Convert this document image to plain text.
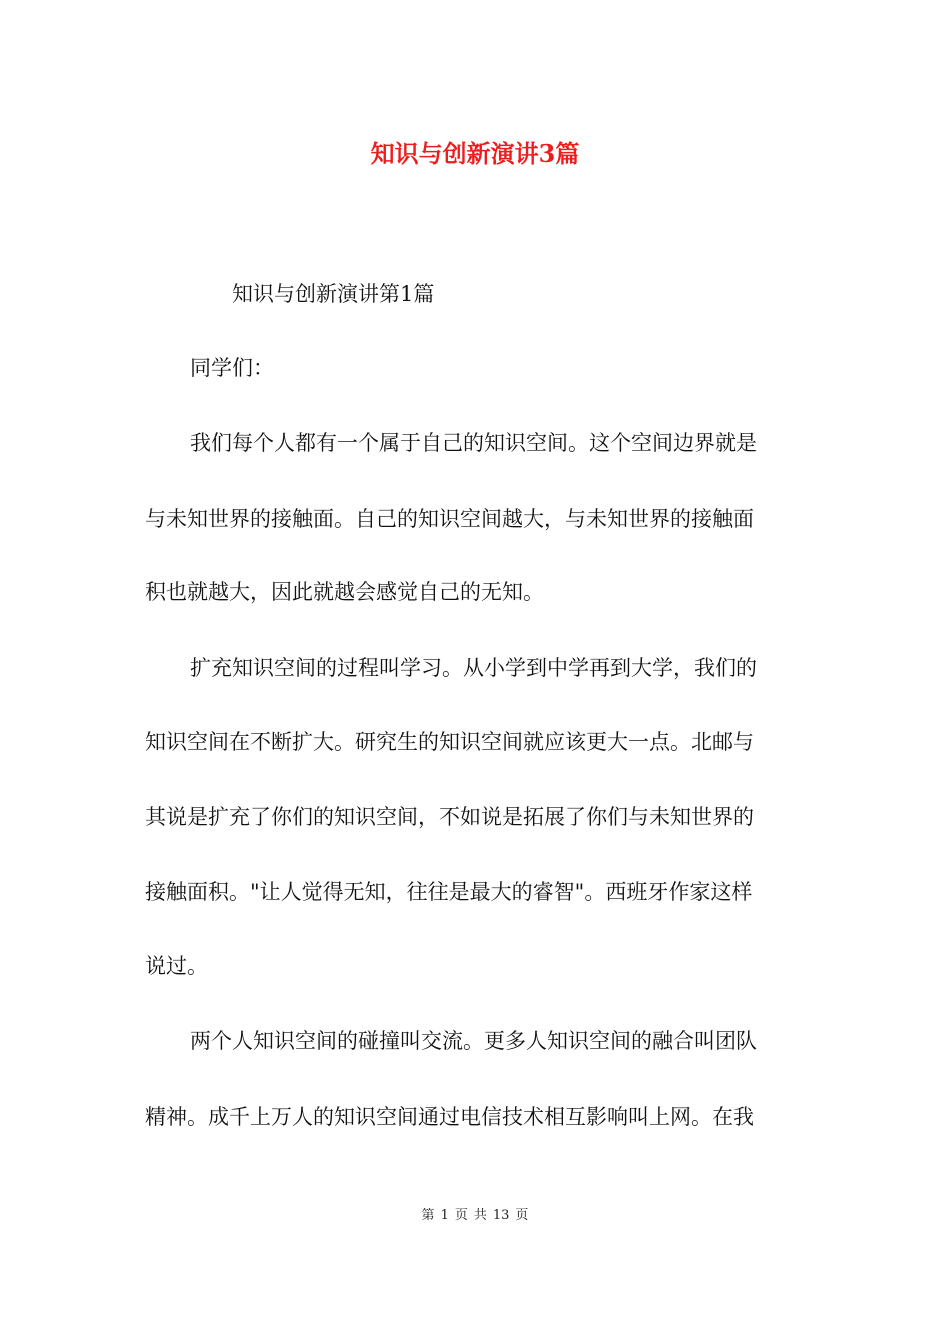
知识与创新演讲3篇
知识与创新演讲第1篇
同学们：
我们每个人都有一个属于自己的知识空间。这个空间边界就是
与未知世界的接触面。自己的知识空间越大，与未知世界的接触面
积也就越大，因此就越会感觉自己的无知。
扩充知识空间的过程叫学习。从小学到中学再到大学，我们的
知识空间在不断扩大。研究生的知识空间就应该更大一点。北邮与
其说是扩充了你们的知识空间，不如说是拓展了你们与未知世界的
接触面积。"让人觉得无知，往往是最大的睿智"。西班牙作家这样
说过。
两个人知识空间的碰撞叫交流。更多人知识空间的融合叫团队
精神。成千上万人的知识空间通过电信技术相互影响叫上网。在我
第 1 页 共 13 页
